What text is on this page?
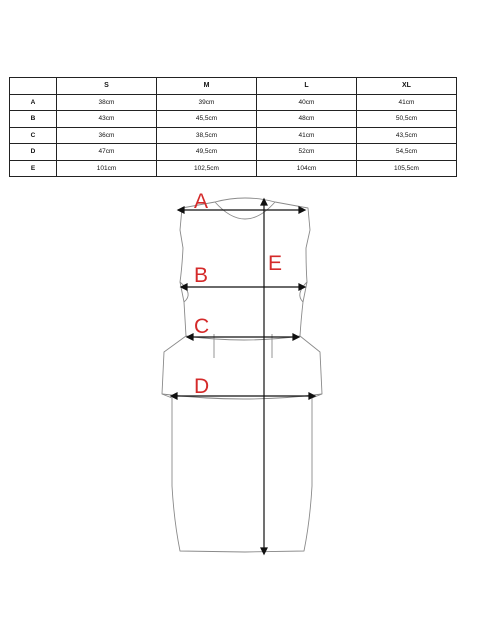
	S	M	L	XL
A	38cm	39cm	40cm	41cm
B	43cm	45,5cm	48cm	50,5cm
C	36cm	38,5cm	41cm	43,5cm
D	47cm	49,5cm	52cm	54,5cm
E	101cm	102,5cm	104cm	105,5cm
A
B
C
D
E
